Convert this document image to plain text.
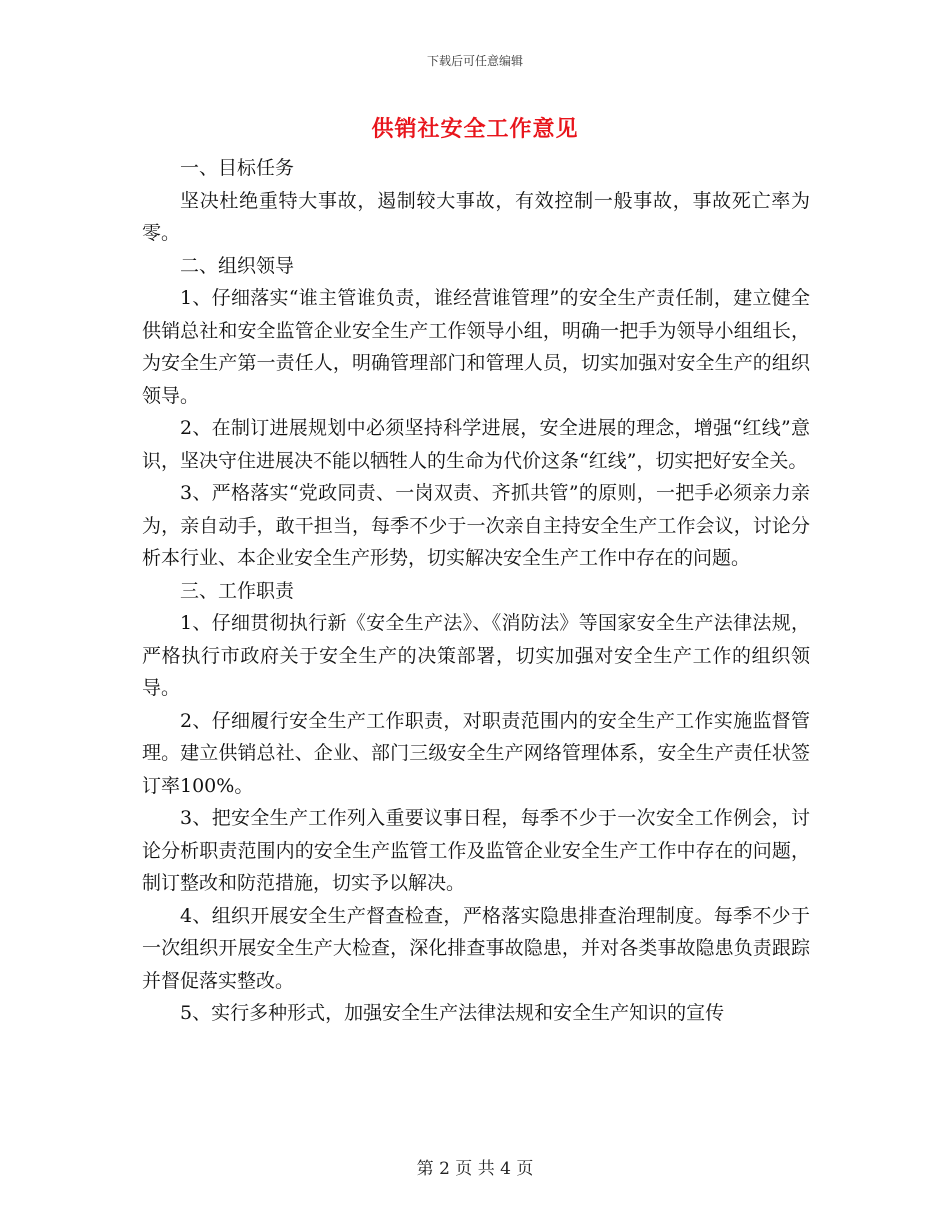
下载后可任意编辑
供销社安全工作意见

一、目标任务

坚决杜绝重特大事故，遏制较大事故，有效控制一般事故，事故死亡率为零。

二、组织领导

1、仔细落实“谁主管谁负责，谁经营谁管理”的安全生产责任制，建立健全供销总社和安全监管企业安全生产工作领导小组，明确一把手为领导小组组长，为安全生产第一责任人，明确管理部门和管理人员，切实加强对安全生产的组织领导。

2、在制订进展规划中必须坚持科学进展，安全进展的理念，增强“红线”意识，坚决守住进展决不能以牺牲人的生命为代价这条“红线”，切实把好安全关。

3、严格落实“党政同责、一岗双责、齐抓共管”的原则，一把手必须亲力亲为，亲自动手，敢干担当，每季不少于一次亲自主持安全生产工作会议，讨论分析本行业、本企业安全生产形势，切实解决安全生产工作中存在的问题。

三、工作职责

1、仔细贯彻执行新《安全生产法》、《消防法》等国家安全生产法律法规，严格执行市政府关于安全生产的决策部署，切实加强对安全生产工作的组织领导。

2、仔细履行安全生产工作职责，对职责范围内的安全生产工作实施监督管理。建立供销总社、企业、部门三级安全生产网络管理体系，安全生产责任状签订率100%。

3、把安全生产工作列入重要议事日程，每季不少于一次安全工作例会，讨论分析职责范围内的安全生产监管工作及监管企业安全生产工作中存在的问题，制订整改和防范措施，切实予以解决。

4、组织开展安全生产督查检查，严格落实隐患排查治理制度。每季不少于一次组织开展安全生产大检查，深化排查事故隐患，并对各类事故隐患负责跟踪并督促落实整改。

5、实行多种形式，加强安全生产法律法规和安全生产知识的宣传

第 2 页 共 4 页
